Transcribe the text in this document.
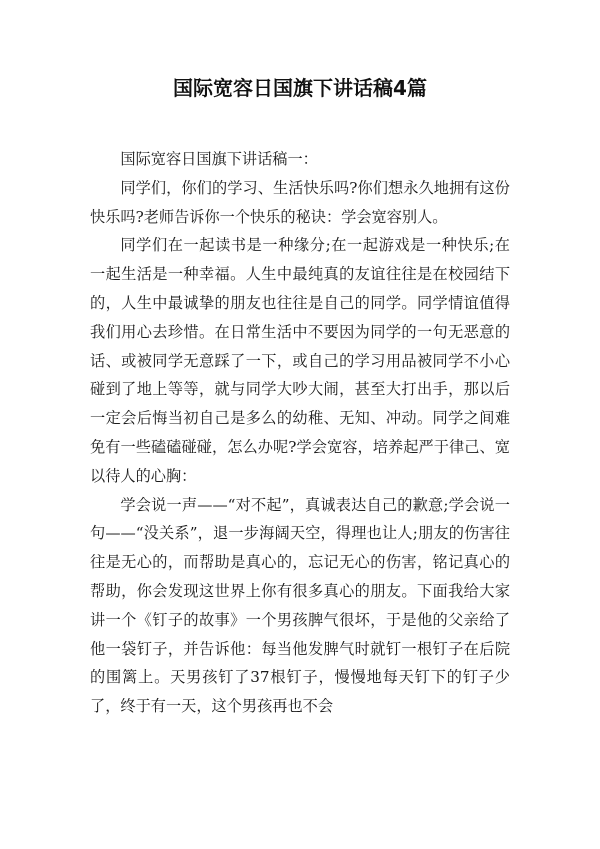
国际宽容日国旗下讲话稿4篇

国际宽容日国旗下讲话稿一：

同学们，你们的学习、生活快乐吗?你们想永久地拥有这份快乐吗?老师告诉你一个快乐的秘诀：学会宽容别人。

同学们在一起读书是一种缘分;在一起游戏是一种快乐;在一起生活是一种幸福。人生中最纯真的友谊往往是在校园结下的，人生中最诚挚的朋友也往往是自己的同学。同学情谊值得我们用心去珍惜。在日常生活中不要因为同学的一句无恶意的话、或被同学无意踩了一下，或自己的学习用品被同学不小心碰到了地上等等，就与同学大吵大闹，甚至大打出手，那以后一定会后悔当初自己是多么的幼稚、无知、冲动。同学之间难免有一些磕磕碰碰，怎么办呢?学会宽容，培养起严于律己、宽以待人的心胸：

学会说一声——“对不起”，真诚表达自己的歉意;学会说一句——“没关系”，退一步海阔天空，得理也让人;朋友的伤害往往是无心的，而帮助是真心的，忘记无心的伤害，铭记真心的帮助，你会发现这世界上你有很多真心的朋友。下面我给大家讲一个《钉子的故事》一个男孩脾气很坏，于是他的父亲给了他一袋钉子，并告诉他：每当他发脾气时就钉一根钉子在后院的围篱上。天男孩钉了37根钉子，慢慢地每天钉下的钉子少了，终于有一天，这个男孩再也不会
